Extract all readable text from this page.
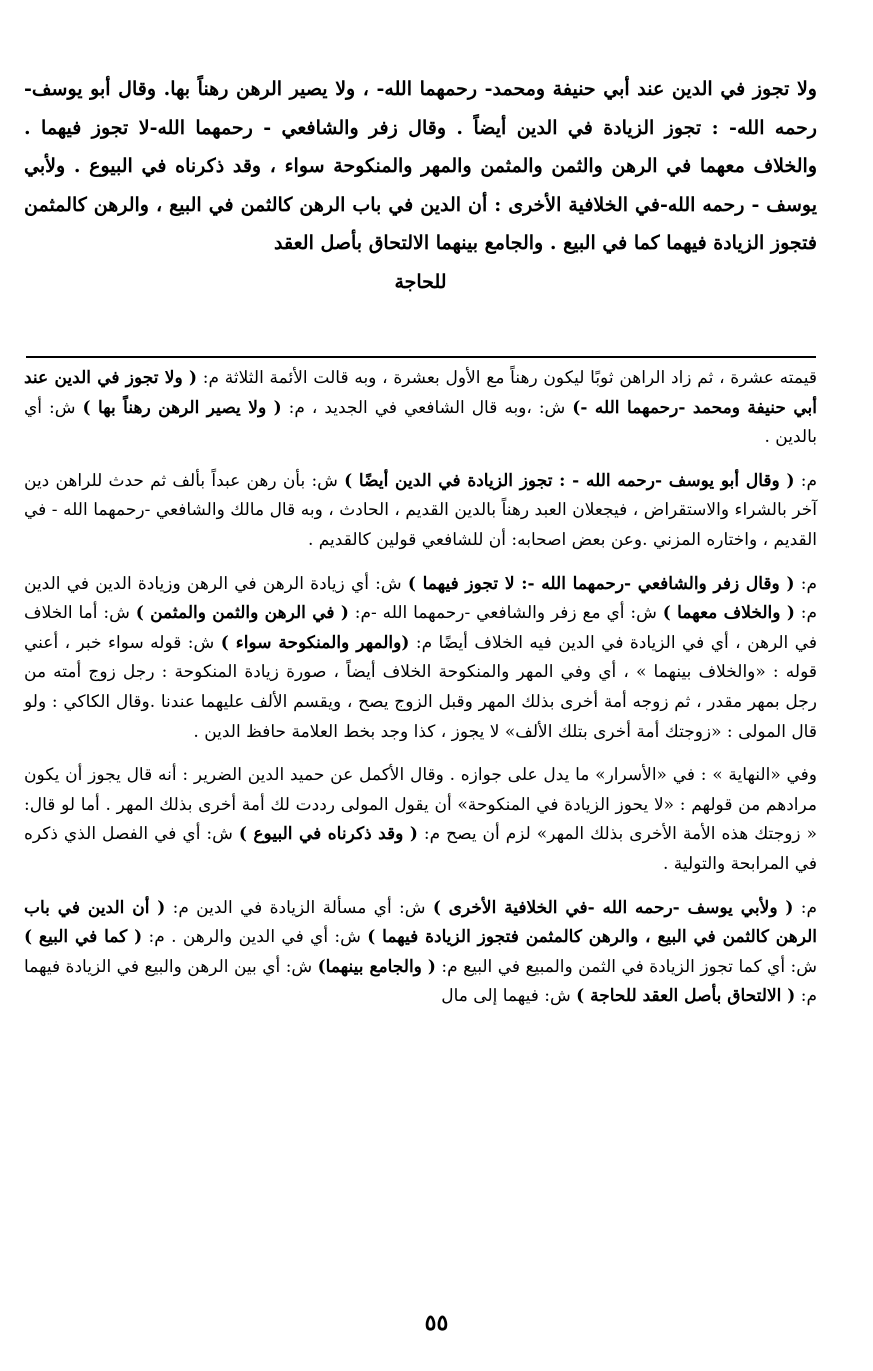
ولا تجوز في الدين عند أبي حنيفة ومحمد- رحمهما الله- ، ولا يصير الرهن رهناً بها. وقال أبو يوسف- رحمه الله- : تجوز الزيادة في الدين أيضاً . وقال زفر والشافعي - رحمهما الله-لا تجوز فيهما . والخلاف معهما في الرهن والثمن والمثمن والمهر والمنكوحة سواء ، وقد ذكرناه في البيوع . ولأبي يوسف - رحمه الله-في الخلافية الأخرى : أن الدين في باب الرهن كالثمن في البيع ، والرهن كالمثمن فتجوز الزيادة فيهما كما في البيع . والجامع بينهما الالتحاق بأصل العقد
للحاجة

قيمته عشرة ، ثم زاد الراهن ثوبًا ليكون رهناً مع الأول بعشرة ، وبه قالت الأئمة الثلاثة م: ( ولا تجوز في الدين عند أبي حنيفة ومحمد -رحمهما الله -) ش: ،وبه قال الشافعي في الجديد ، م: ( ولا يصير الرهن رهناً بها ) ش: أي بالدين .

م: ( وقال أبو يوسف -رحمه الله - : تجوز الزيادة في الدين أيضًا ) ش: بأن رهن عبداً بألف ثم حدث للراهن دين آخر بالشراء والاستقراض ، فيجعلان العبد رهناً بالدين القديم ، الحادث ، وبه قال مالك والشافعي -رحمهما الله - في القديم ، واختاره المزني .وعن بعض اصحابه: أن للشافعي قولين كالقديم .

م: ( وقال زفر والشافعي -رحمهما الله -: لا تجوز فيهما ) ش: أي زيادة الرهن في الرهن وزيادة الدين في الدين م: ( والخلاف معهما ) ش: أي مع زفر والشافعي -رحمهما الله -م: ( في الرهن والثمن والمثمن ) ش: أما الخلاف في الرهن ، أي في الزيادة في الدين فيه الخلاف أيضًا م: (والمهر والمنكوحة سواء ) ش: قوله سواء خبر ، أعني قوله : «والخلاف بينهما » ، أي وفي المهر والمنكوحة الخلاف أيضاً ، صورة زيادة المنكوحة : رجل زوج أمته من رجل بمهر مقدر ، ثم زوجه أمة أخرى بذلك المهر وقبل الزوج يصح ، ويقسم الألف عليهما عندنا .وقال الكاكي : ولو قال المولى : «زوجتك أمة أخرى بتلك الألف» لا يجوز ، كذا وجد بخط العلامة حافظ الدين .

وفي «النهاية » : في «الأسرار» ما يدل على جوازه . وقال الأكمل عن حميد الدين الضرير : أنه قال يجوز أن يكون مرادهم من قولهم : «لا يحوز الزيادة في المنكوحة» أن يقول المولى رددت لك أمة أخرى بذلك المهر . أما لو قال: « زوجتك هذه الأمة الأخرى بذلك المهر» لزم أن يصح م: ( وقد ذكرناه في البيوع ) ش: أي في الفصل الذي ذكره في المرابحة والتولية .

م: ( ولأبي يوسف -رحمه الله -في الخلافية الأخرى ) ش: أي مسألة الزيادة في الدين م: ( أن الدين في باب الرهن كالثمن في البيع ، والرهن كالمثمن فتجوز الزيادة فيهما ) ش: أي في الدين والرهن . م: ( كما في البيع ) ش: أي كما تجوز الزيادة في الثمن والمبيع في البيع م: ( والجامع بينهما) ش: أي بين الرهن والبيع في الزيادة فيهما م: ( الالتحاق بأصل العقد للحاجة ) ش: فيهما إلى مال

٥٥
